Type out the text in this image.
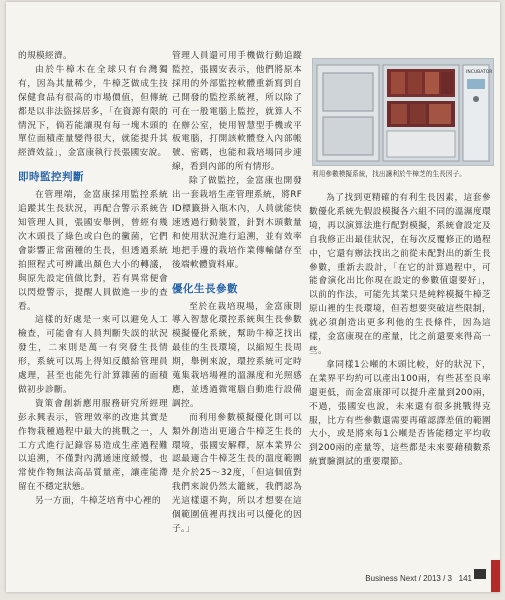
的規模經濟。

由於牛樟木在全球只有台灣獨有，因為其量稀少，牛樟芝做成生技保健食品有很高的市場價值，但傳統都是以非法盜採居多，「在資源有限的情況下，倘若能讓現有每一塊木頭的單位面積產量變得很大，就能提升其經濟效益」，金富康執行長張國安說。

即時監控判斷

在管理端，金富康採用監控系統追蹤其生長狀況，再配合警示系統告知管理人員，張國安舉例，曾經有幾次木頭長了綠色或白色的黴菌，它們會影響正常菌種的生長，但透過系統拍照程式可辨識出顏色大小的轉議，與原先設定值做比對，若有異常便會以閃燈警示，提醒人員做進一步的查看。

這樣的好處是一來可以避免人工檢查，可能會有人員判斷失誤的狀況發生，二來則是萬一有突發生長情形，系統可以馬上得知反饋給管理員處理，甚至也能先行計算雜菌的面積做初步診斷。

資策會創新應用服務研究所經理彭永興表示，管理效率的改進其實是作物栽種過程中最大的挑戰之一，人工方式進行記錄容易造成生產過程難以追溯，不僅對內溝通速度緩慢，也常使作物無法高品質量產，讓產能滯留在不穩定狀態。

另一方面，牛樟芝培育中心裡的

管理人員還可用手機做行動追蹤監控，張國安表示，他們將原本採用的外部監控軟體重新寫到自己開發的監控系統裡，所以除了可在一般電腦上監控，就算人不在辦公室，使用智慧型手機或平板電腦，打開該軟體登入內部帳號、密碼，也能和栽培場同步連線，看到內部的所有情形。

除了做監控，金富康也開發出一套栽培生產管理系統，將RFID標籤掛入瓶木內，人員就能快速透過行動裝置，針對木頭數量和使用狀況進行追溯，並有效率地把手邊的栽培作業傳輸儲存至後端軟體資料庫。

優化生長參數

至於在栽培現場，金富康則導入智慧化環控系統與生長參數模擬優化系統，幫助牛樟芝找出最佳的生長環境，以縮短生長周期，舉例來說，環控系統可定時蒐集栽培場裡的溫濕度和光照感應，並透過微電腦自動進行設備調控。

而利用參數模擬優化則可以類外創造出更適合牛樟芝生長的環境，張國安解釋，原本業界公認最適合牛樟芝生長的溫度範圍是介於25～32度，「但這個值對我們來說仍然太籠統，我們認為光這樣還不夠，所以才想要在這個範圍值裡再找出可以優化的因子。」

INCUBATOR
利用參數模擬系統，找出讓利於牛樟芝的生長因子。

為了找到更精確的有利生長因素，這套參數優化系統先假設模擬各六組不同的溫濕度環境，再以演算法進行配對模擬，系統會設定及自我修正出最佳狀況，在每次反覆修正的過程中，它還有辦法找出之前從未配對出的新生長參數，重新去設計，「在它的計算過程中，可能會演化出比你現在設定的參數值還要好」，以前的作法，可能先其業只是純粹模擬牛樟芝原山裡的生長環境，但若想要突破這些限制，就必須創造出更多利他的生長條件，因為這樣，金富康現在的產量，比之前還要來得高一些。

拿同樣1公噸的木頭比較，好的狀況下，在業界平均約可以產出100兩，有些甚至良率還更低，而金富康卻可以提升產量到200兩，不過，張國安也說，未來還有很多挑戰得克服，比方有些參數還需要再確認譯差值的範圍大小，或是將來每1公噸是否皆能穩定平均收到200兩的產量等，這些都是未來要藉積數系統實驗測試的重要環節。

Business Next / 2013 / 3 141
